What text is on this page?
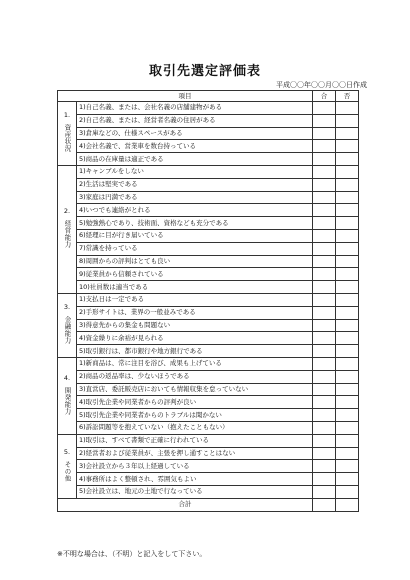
取引先選定評価表
平成〇〇年〇〇月〇〇日作成
項目		合	否

1.
資産状況	1)自己名義、または、会社名義の店舗建物がある		
	2)自己名義、または、経営者名義の住居がある		
	3)倉庫などの、仕様スペースがある		
	4)会社名義で、営業車を数台持っている		
	5)商品の在庫量は適正である		

2.
経営能力	1)キャンブルをしない		
	2)生活は堅実である		
	3)家庭は円満である		
	4)いつでも連絡がとれる		
	5)勉強熱心であり、技術面、資格なども充分である		
	6)経理に目が行き届いている		
	7)常識を持っている		
	8)周囲からの評判はとても良い		
	9)従業員から信頼されている		
	10)社員数は適当である		

3.
金融能力	1)支払日は一定である		
	2)手形サイトは、業界の一般並みである		
	3)得意先からの集金も問題ない		
	4)資金繰りに余裕が見られる		
	5)取引銀行は、都市銀行や地方銀行である		

4.
開発能力	1)新商品は、常に注目を浴び、成果も上げている		
	2)商品の返品率は、少ないほうである		
	3)直営店、委託販売店においても情報収集を怠っていない		
	4)取引先企業や同業者からの評判が良い		
	5)取引先企業や同業者からのトラブルは聞かない		
	6)訴訟問題等を抱えていない（抱えたこともない）		

5.
その他	1)取引は、すべて書類で正確に行われている		
	2)経営者および従業員が、主張を押し通すことはない		
	3)会社設立から３年以上経過している		
	4)事務所はよく整頓され、雰囲気もよい		
	5)会社設立は、地元の土地で行なっている		
合計			
※不明な場合は、（不明）と記入をして下さい。
